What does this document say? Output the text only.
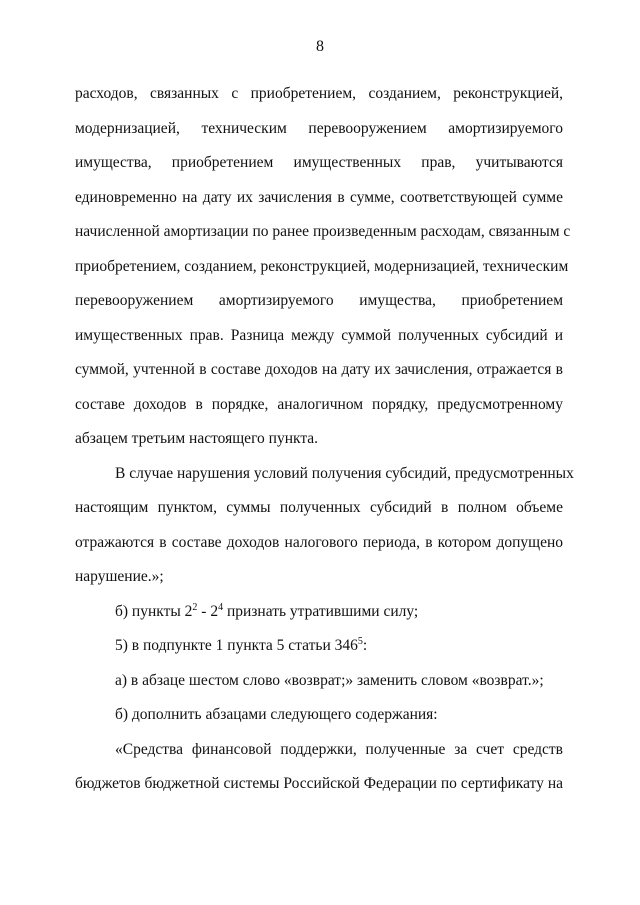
8

расходов, связанных с приобретением, созданием, реконструкцией,

модернизацией, техническим перевооружением амортизируемого

имущества, приобретением имущественных прав, учитываются

единовременно на дату их зачисления в сумме, соответствующей сумме

начисленной амортизации по ранее произведенным расходам, связанным с

приобретением, созданием, реконструкцией, модернизацией, техническим

перевооружением амортизируемого имущества, приобретением

имущественных прав. Разница между суммой полученных субсидий и

суммой, учтенной в составе доходов на дату их зачисления, отражается в

составе доходов в порядке, аналогичном порядку, предусмотренному

абзацем третьим настоящего пункта.

В случае нарушения условий получения субсидий, предусмотренных

настоящим пунктом, суммы полученных субсидий в полном объеме

отражаются в составе доходов налогового периода, в котором допущено

нарушение.»;

б) пункты $2^2 - 2^4$ признать утратившими силу;

5) в подпункте 1 пункта 5 статьи $346^5$:

а) в абзаце шестом слово «возврат;» заменить словом «возврат.»;

б) дополнить абзацами следующего содержания:

«Средства финансовой поддержки, полученные за счет средств

бюджетов бюджетной системы Российской Федерации по сертификату на
